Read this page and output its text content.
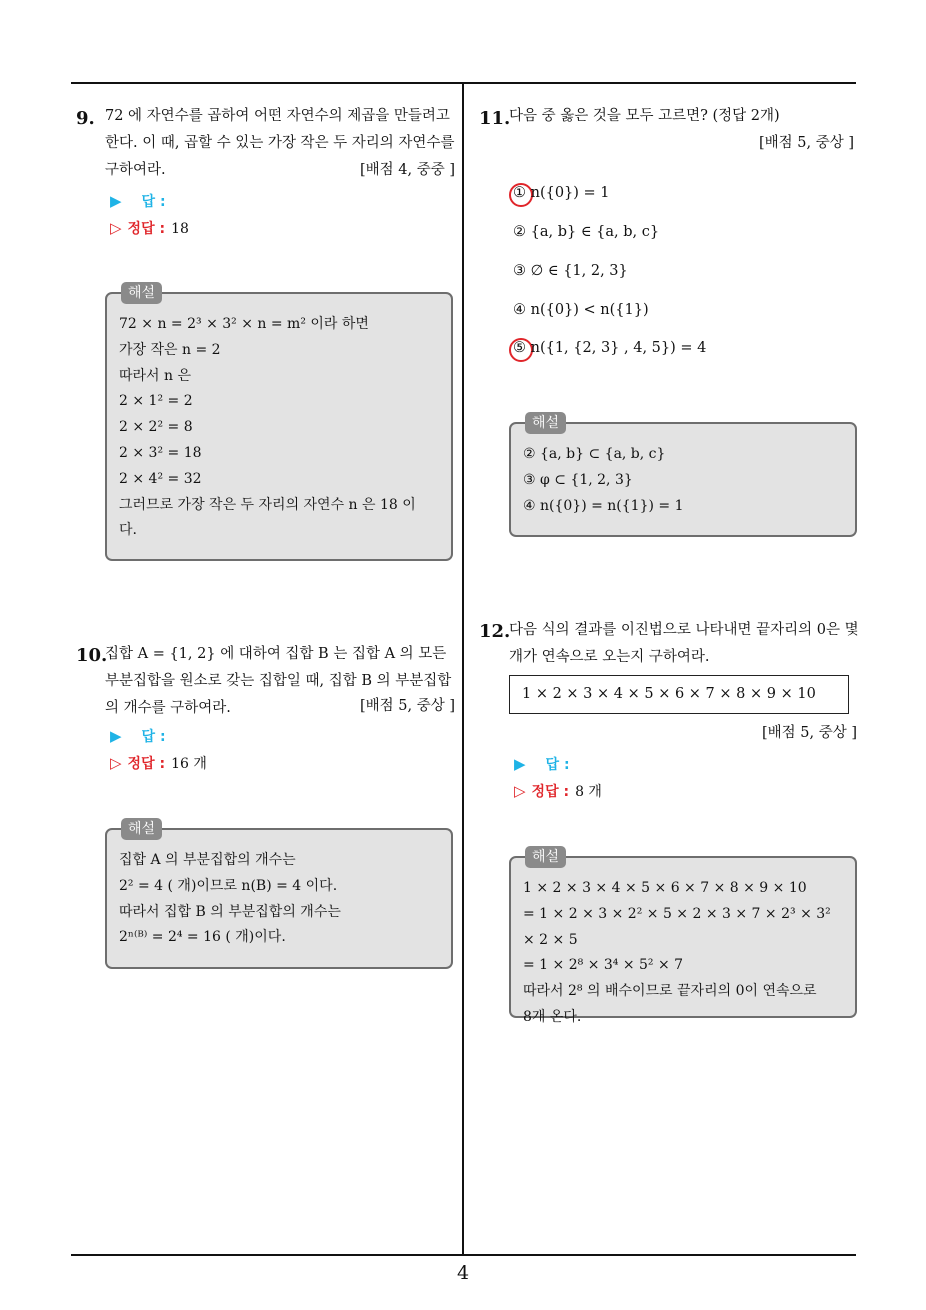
9. 72 에 자연수를 곱하여 어떤 자연수의 제곱을 만들려고 한다. 이 때, 곱할 수 있는 가장 작은 두 자리의 자연수를 구하여라.	[배점 4, 중중 ]
▶ 답 :
▷ 정답 : 18
해설
72 × n = 2³ × 3² × n = m² 이라 하면
가장 작은 n = 2
따라서 n 은
2 × 1² = 2
2 × 2² = 8
2 × 3² = 18
2 × 4² = 32
그러므로 가장 작은 두 자리의 자연수 n 은 18 이
다.
10.
집합 A = {1, 2} 에 대하여 집합 B 는 집합 A 의 모든 부분집합을 원소로 갖는 집합일 때, 집합 B 의 부분집합의 개수를 구하여라.	[배점 5, 중상 ]
▶ 답 :
▷ 정답 : 16 개
해설
집합 A 의 부분집합의 개수는
2² = 4 ( 개)이므로 n(B) = 4 이다.
따라서 집합 B 의 부분집합의 개수는
2ⁿ⁽ᴮ⁾ = 2⁴ = 16 ( 개)이다.
11.
다음 중 옳은 것을 모두 고르면? (정답 2개)
[배점 5, 중상 ]
① n({0}) = 1
② {a, b} ∈ {a, b, c}
③ ∅ ∈ {1, 2, 3}
④ n({0}) < n({1})
⑤ n({1, {2, 3} , 4, 5}) = 4
해설
② {a, b} ⊂ {a, b, c}
③ φ ⊂ {1, 2, 3}
④ n({0}) = n({1}) = 1
12.
다음 식의 결과를 이진법으로 나타내면 끝자리의 0은 몇 개가 연속으로 오는지 구하여라.
1 × 2 × 3 × 4 × 5 × 6 × 7 × 8 × 9 × 10
[배점 5, 중상 ]
▶ 답 :
▷ 정답 : 8 개
해설
1 × 2 × 3 × 4 × 5 × 6 × 7 × 8 × 9 × 10
= 1 × 2 × 3 × 2² × 5 × 2 × 3 × 7 × 2³ × 3² × 2 × 5
= 1 × 2⁸ × 3⁴ × 5² × 7
따라서 2⁸ 의 배수이므로 끝자리의 0이 연속으로
8개 온다.
4
